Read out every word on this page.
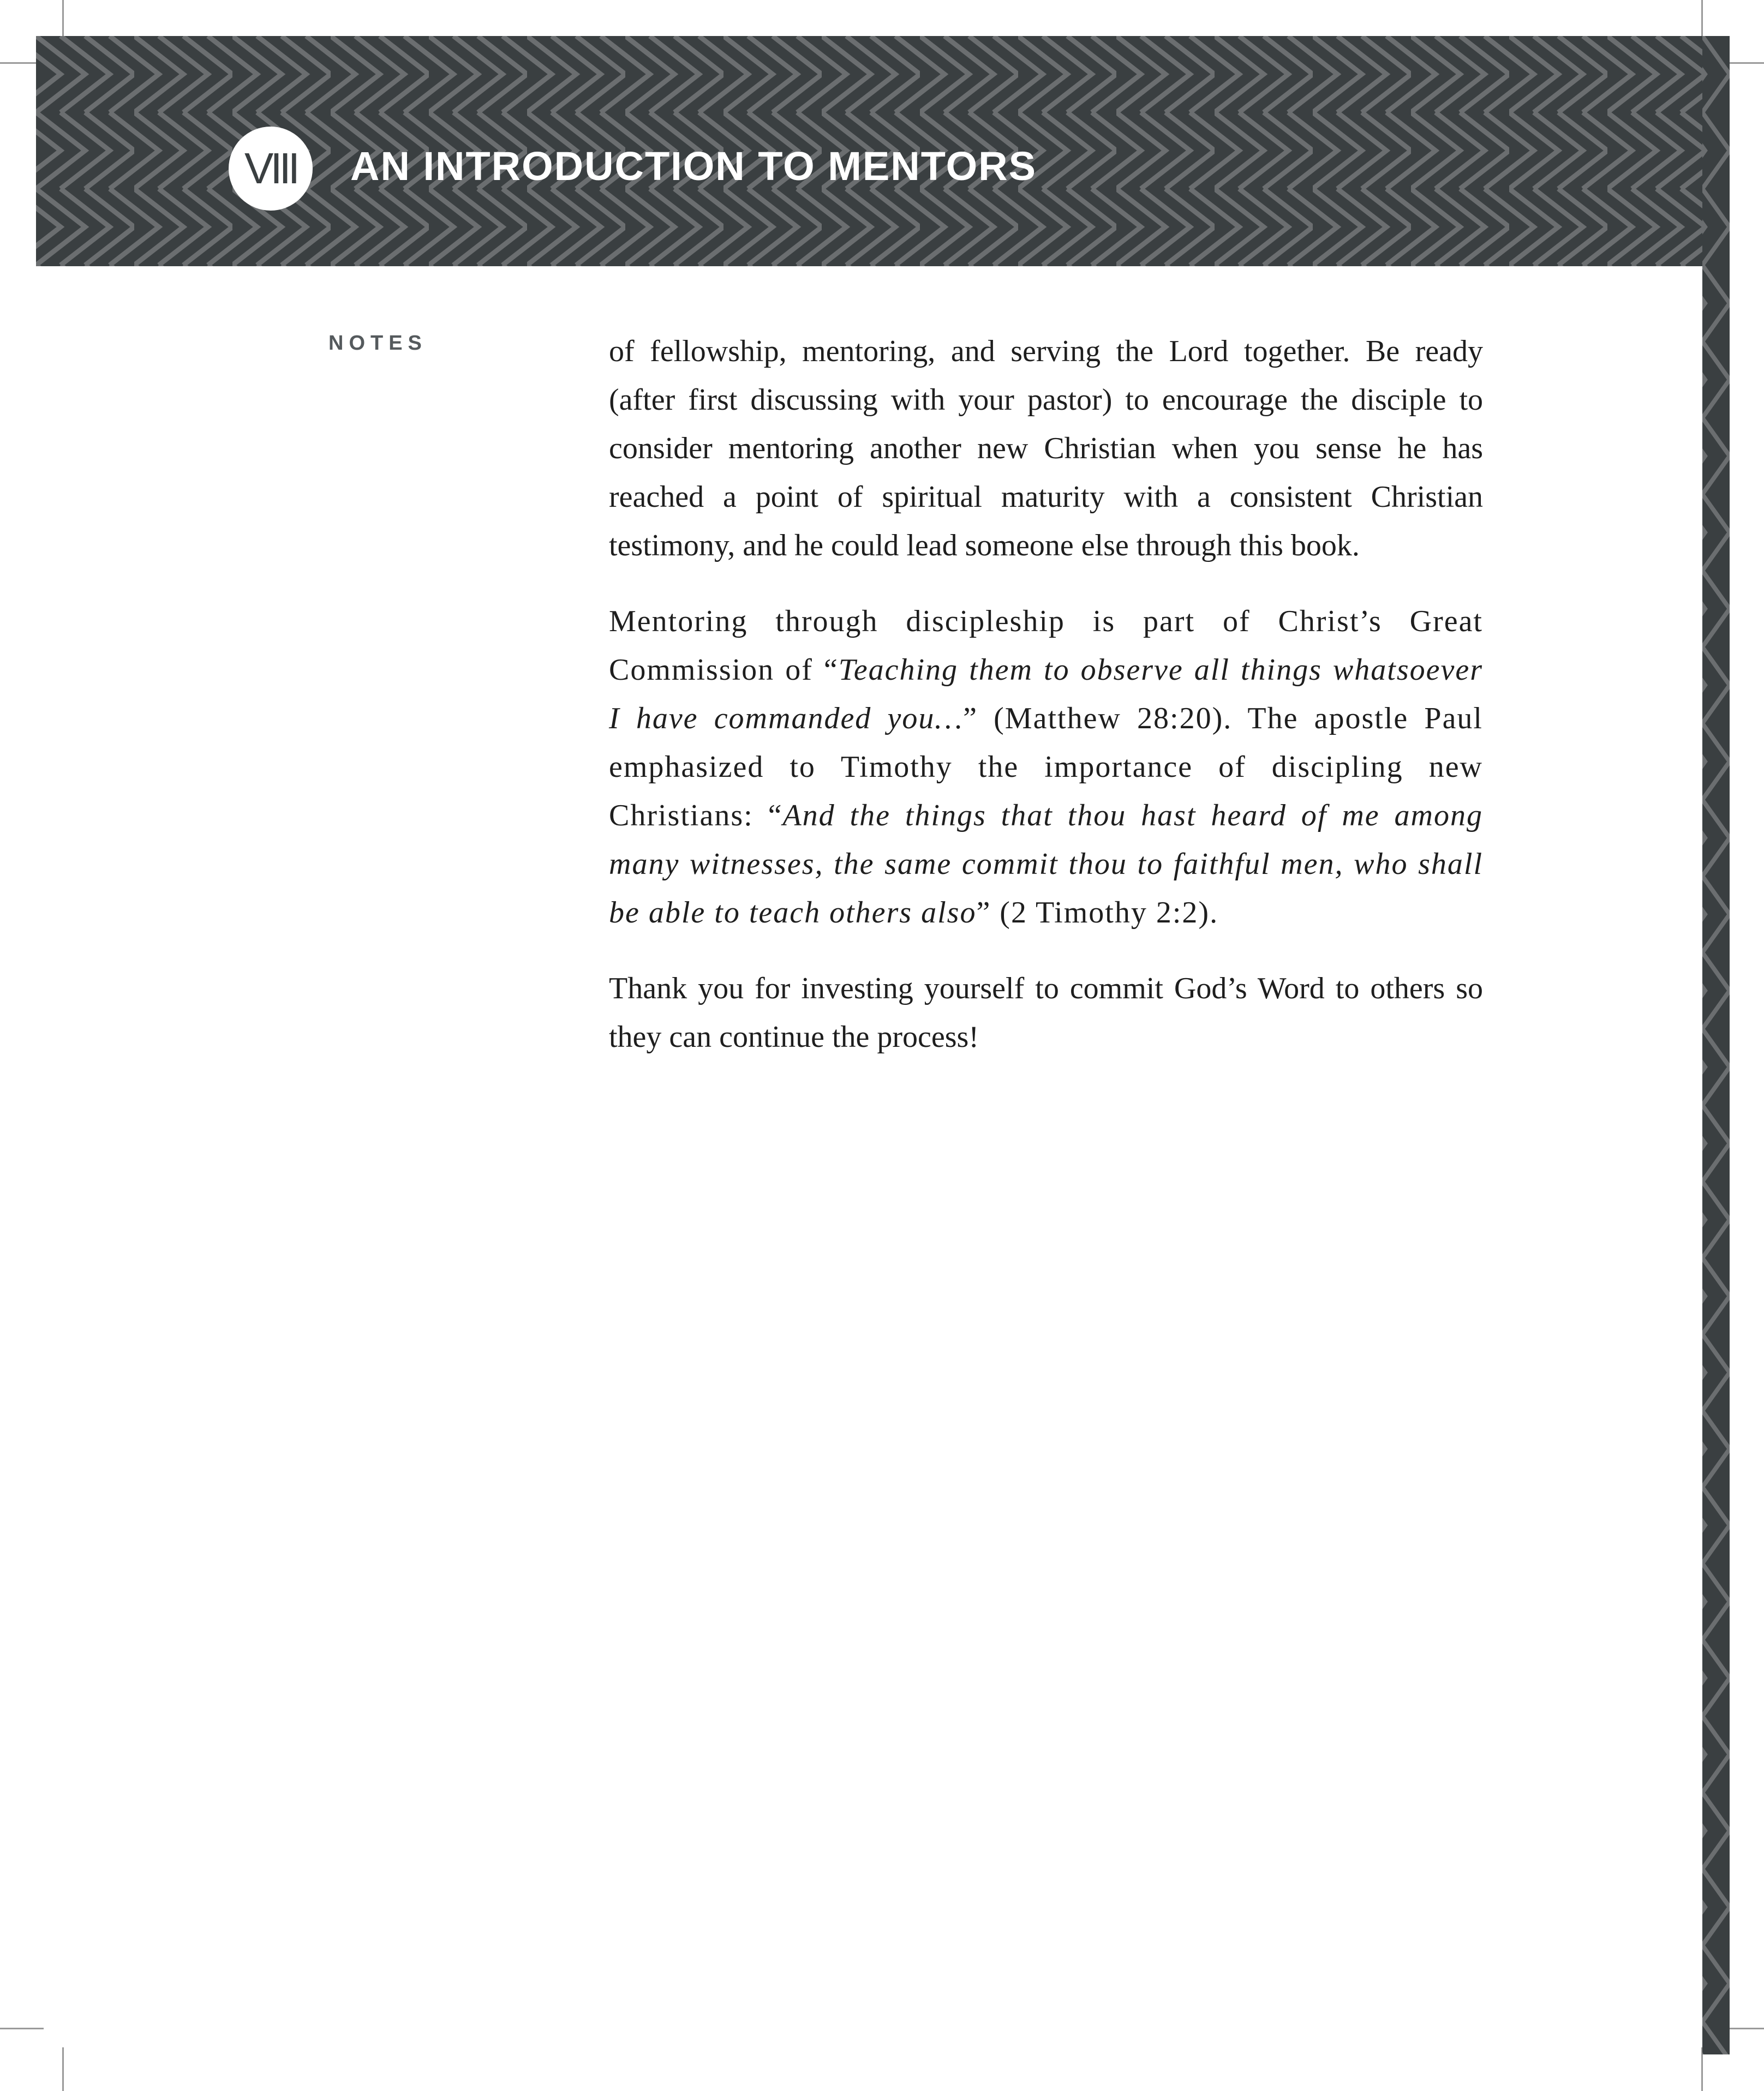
VIII AN INTRODUCTION TO MENTORS
NOTES	of fellowship, mentoring, and serving the Lord together. Be ready (after first discussing with your pastor) to encourage the disciple to consider mentoring another new Christian when you sense he has reached a point of spiritual maturity with a consistent Christian testimony, and he could lead someone else through this book.

Mentoring through discipleship is part of Christ’s Great Commission of “Teaching them to observe all things whatsoever I have commanded you…” (Matthew 28:20). The apostle Paul emphasized to Timothy the importance of discipling new Christians: “And the things that thou hast heard of me among many witnesses, the same commit thou to faithful men, who shall be able to teach others also” (2 Timothy 2:2).

Thank you for investing yourself to commit God’s Word to others so they can continue the process!
